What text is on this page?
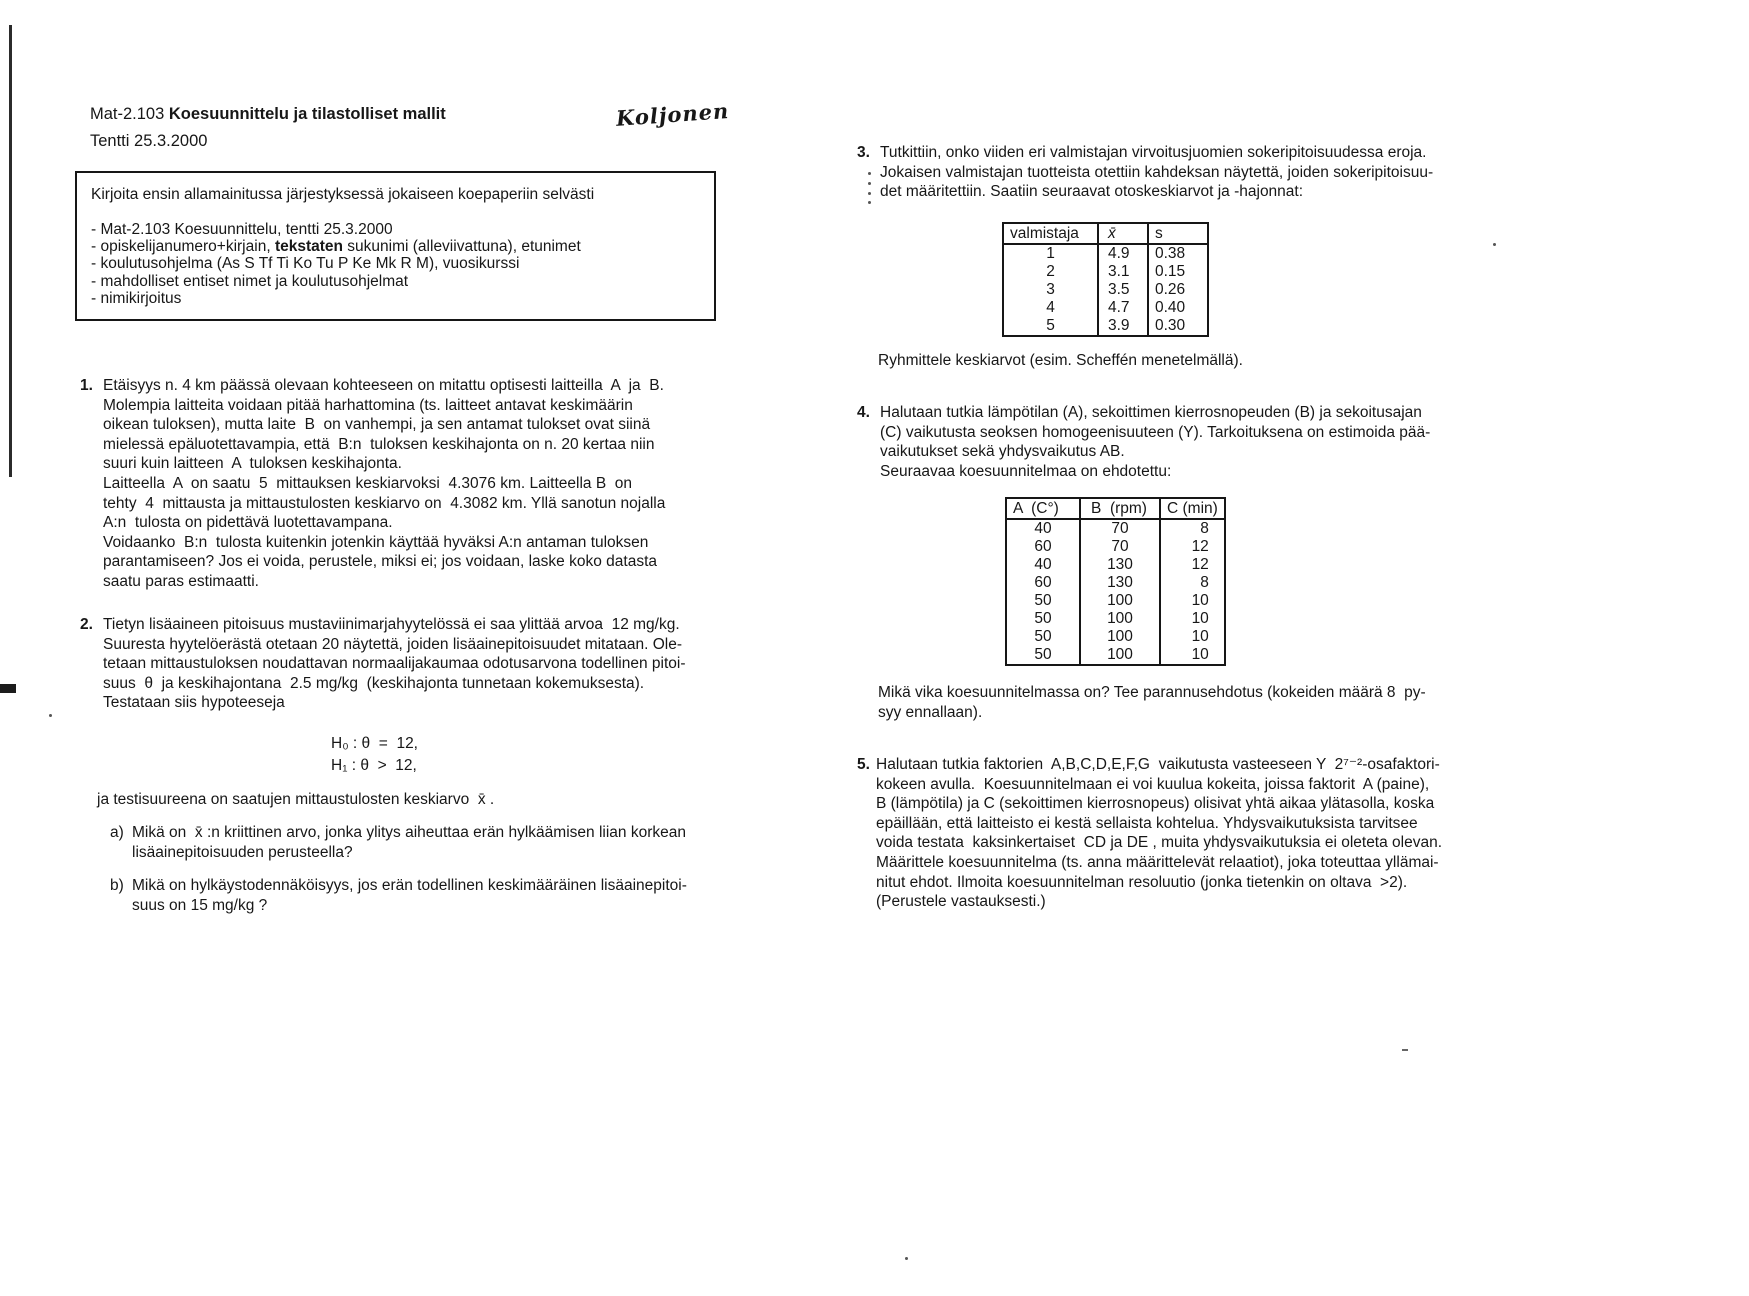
Mat-2.103 Koesuunnittelu ja tilastolliset mallit
Tentti 25.3.2000
Koljonen
Kirjoita ensin allamainitussa järjestyksessä jokaiseen koepaperiin selvästi
- Mat-2.103 Koesuunnittelu, tentti 25.3.2000
- opiskelijanumero+kirjain, tekstaten sukunimi (alleviivattuna), etunimet
- koulutusohjelma (As S Tf Ti Ko Tu P Ke Mk R M), vuosikurssi
- mahdolliset entiset nimet ja koulutusohjelmat
- nimikirjoitus
1. Etäisyys n. 4 km päässä olevaan kohteeseen on mitattu optisesti laitteilla  A  ja  B.
Molempia laitteita voidaan pitää harhattomina (ts. laitteet antavat keskimäärin
oikean tuloksen), mutta laite  B  on vanhempi, ja sen antamat tulokset ovat siinä
mielessä epäluotettavampia, että  B:n  tuloksen keskihajonta on n. 20 kertaa niin
suuri kuin laitteen  A  tuloksen keskihajonta.
Laitteella  A  on saatu  5  mittauksen keskiarvoksi  4.3076 km. Laitteella B  on
tehty  4  mittausta ja mittaustulosten keskiarvo on  4.3082 km. Yllä sanotun nojalla
A:n  tulosta on pidettävä luotettavampana.
Voidaanko  B:n  tulosta kuitenkin jotenkin käyttää hyväksi A:n antaman tuloksen
parantamiseen? Jos ei voida, perustele, miksi ei; jos voidaan, laske koko datasta
saatu paras estimaatti.
2. Tietyn lisäaineen pitoisuus mustaviinimarjahyytelössä ei saa ylittää arvoa  12 mg/kg.
Suuresta hyytelöerästä otetaan 20 näytettä, joiden lisäainepitoisuudet mitataan. Ole-
tetaan mittaustuloksen noudattavan normaalijakaumaa odotusarvona todellinen pitoi-
suus  θ  ja keskihajontana  2.5 mg/kg  (keskihajonta tunnetaan kokemuksesta).
Testataan siis hypoteeseja
H₀ : θ  =  12,
H₁ : θ  >  12,
ja testisuureena on saatujen mittaustulosten keskiarvo  x̄ .
a) Mikä on  x̄ :n kriittinen arvo, jonka ylitys aiheuttaa erän hylkäämisen liian korkean
lisäainepitoisuuden perusteella?
b) Mikä on hylkäystodennäköisyys, jos erän todellinen keskimääräinen lisäainepitoi-
suus on 15 mg/kg ?
3. Tutkittiin, onko viiden eri valmistajan virvoitusjuomien sokeripitoisuudessa eroja.
Jokaisen valmistajan tuotteista otettiin kahdeksan näytettä, joiden sokeripitoisuu-
det määritettiin. Saatiin seuraavat otoskeskiarvot ja -hajonnat:
valmistaja	x̄	s
1	4.9	0.38
2	3.1	0.15
3	3.5	0.26
4	4.7	0.40
5	3.9	0.30
Ryhmittele keskiarvot (esim. Scheffén menetelmällä).
4. Halutaan tutkia lämpötilan (A), sekoittimen kierrosnopeuden (B) ja sekoitusajan
(C) vaikutusta seoksen homogeenisuuteen (Y). Tarkoituksena on estimoida pää-
vaikutukset sekä yhdysvaikutus AB.
Seuraavaa koesuunnitelmaa on ehdotettu:
A  (C°)	B  (rpm)	C (min)
40	70	8
60	70	12
40	130	12
60	130	8
50	100	10
50	100	10
50	100	10
50	100	10
Mikä vika koesuunnitelmassa on? Tee parannusehdotus (kokeiden määrä 8  py-
syy ennallaan).
5. Halutaan tutkia faktorien  A,B,C,D,E,F,G  vaikutusta vasteeseen Y  2⁷⁻²-osafaktori-
kokeen avulla.  Koesuunnitelmaan ei voi kuulua kokeita, joissa faktorit  A (paine),
B (lämpötila) ja C (sekoittimen kierrosnopeus) olisivat yhtä aikaa ylätasolla, koska
epäillään, että laitteisto ei kestä sellaista kohtelua. Yhdysvaikutuksista tarvitsee
voida testata  kaksinkertaiset  CD ja DE , muita yhdysvaikutuksia ei oleteta olevan.
Määrittele koesuunnitelma (ts. anna määrittelevät relaatiot), joka toteuttaa yllämai-
nitut ehdot. Ilmoita koesuunnitelman resoluutio (jonka tietenkin on oltava  >2).
(Perustele vastauksesti.)
